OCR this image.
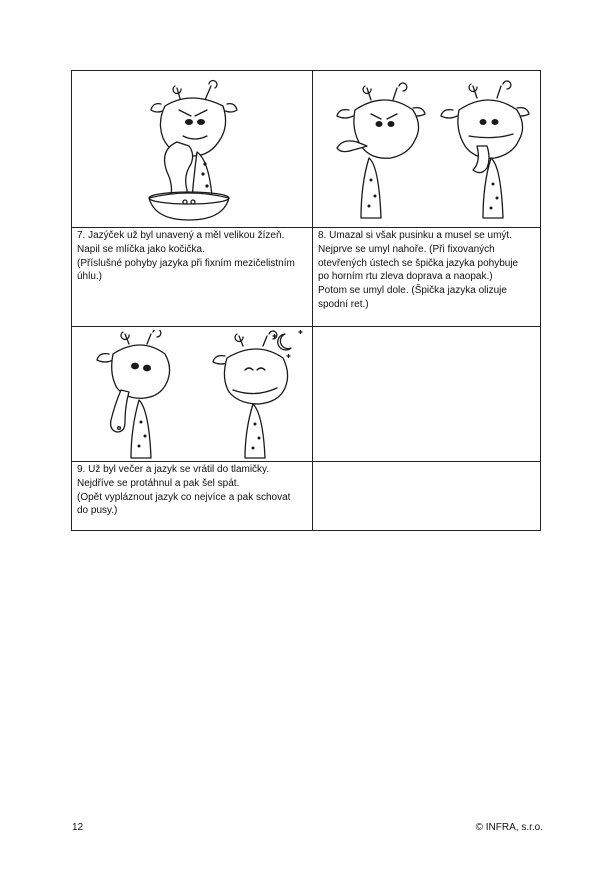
7. Jazýček už byl unavený a měl velikou žízeň.

Napil se mlíčka jako kočička.

(Příslušné pohyby jazyka při fixním mezičelistním

úhlu.)

8. Umazal si však pusinku a musel se umýt.

Nejprve se umyl nahoře. (Při fixovaných

otevřených ústech se špička jazyka pohybuje

po horním rtu zleva doprava a naopak.)

Potom se umyl dole. (Špička jazyka olizuje

spodní ret.)

9. Už byl večer a jazyk se vrátil do tlamičky.

Nejdříve se protáhnul a pak šel spát.

(Opět vypláznout jazyk co nejvíce a pak schovat

do pusy.)

12	© INFRA, s.r.o.
